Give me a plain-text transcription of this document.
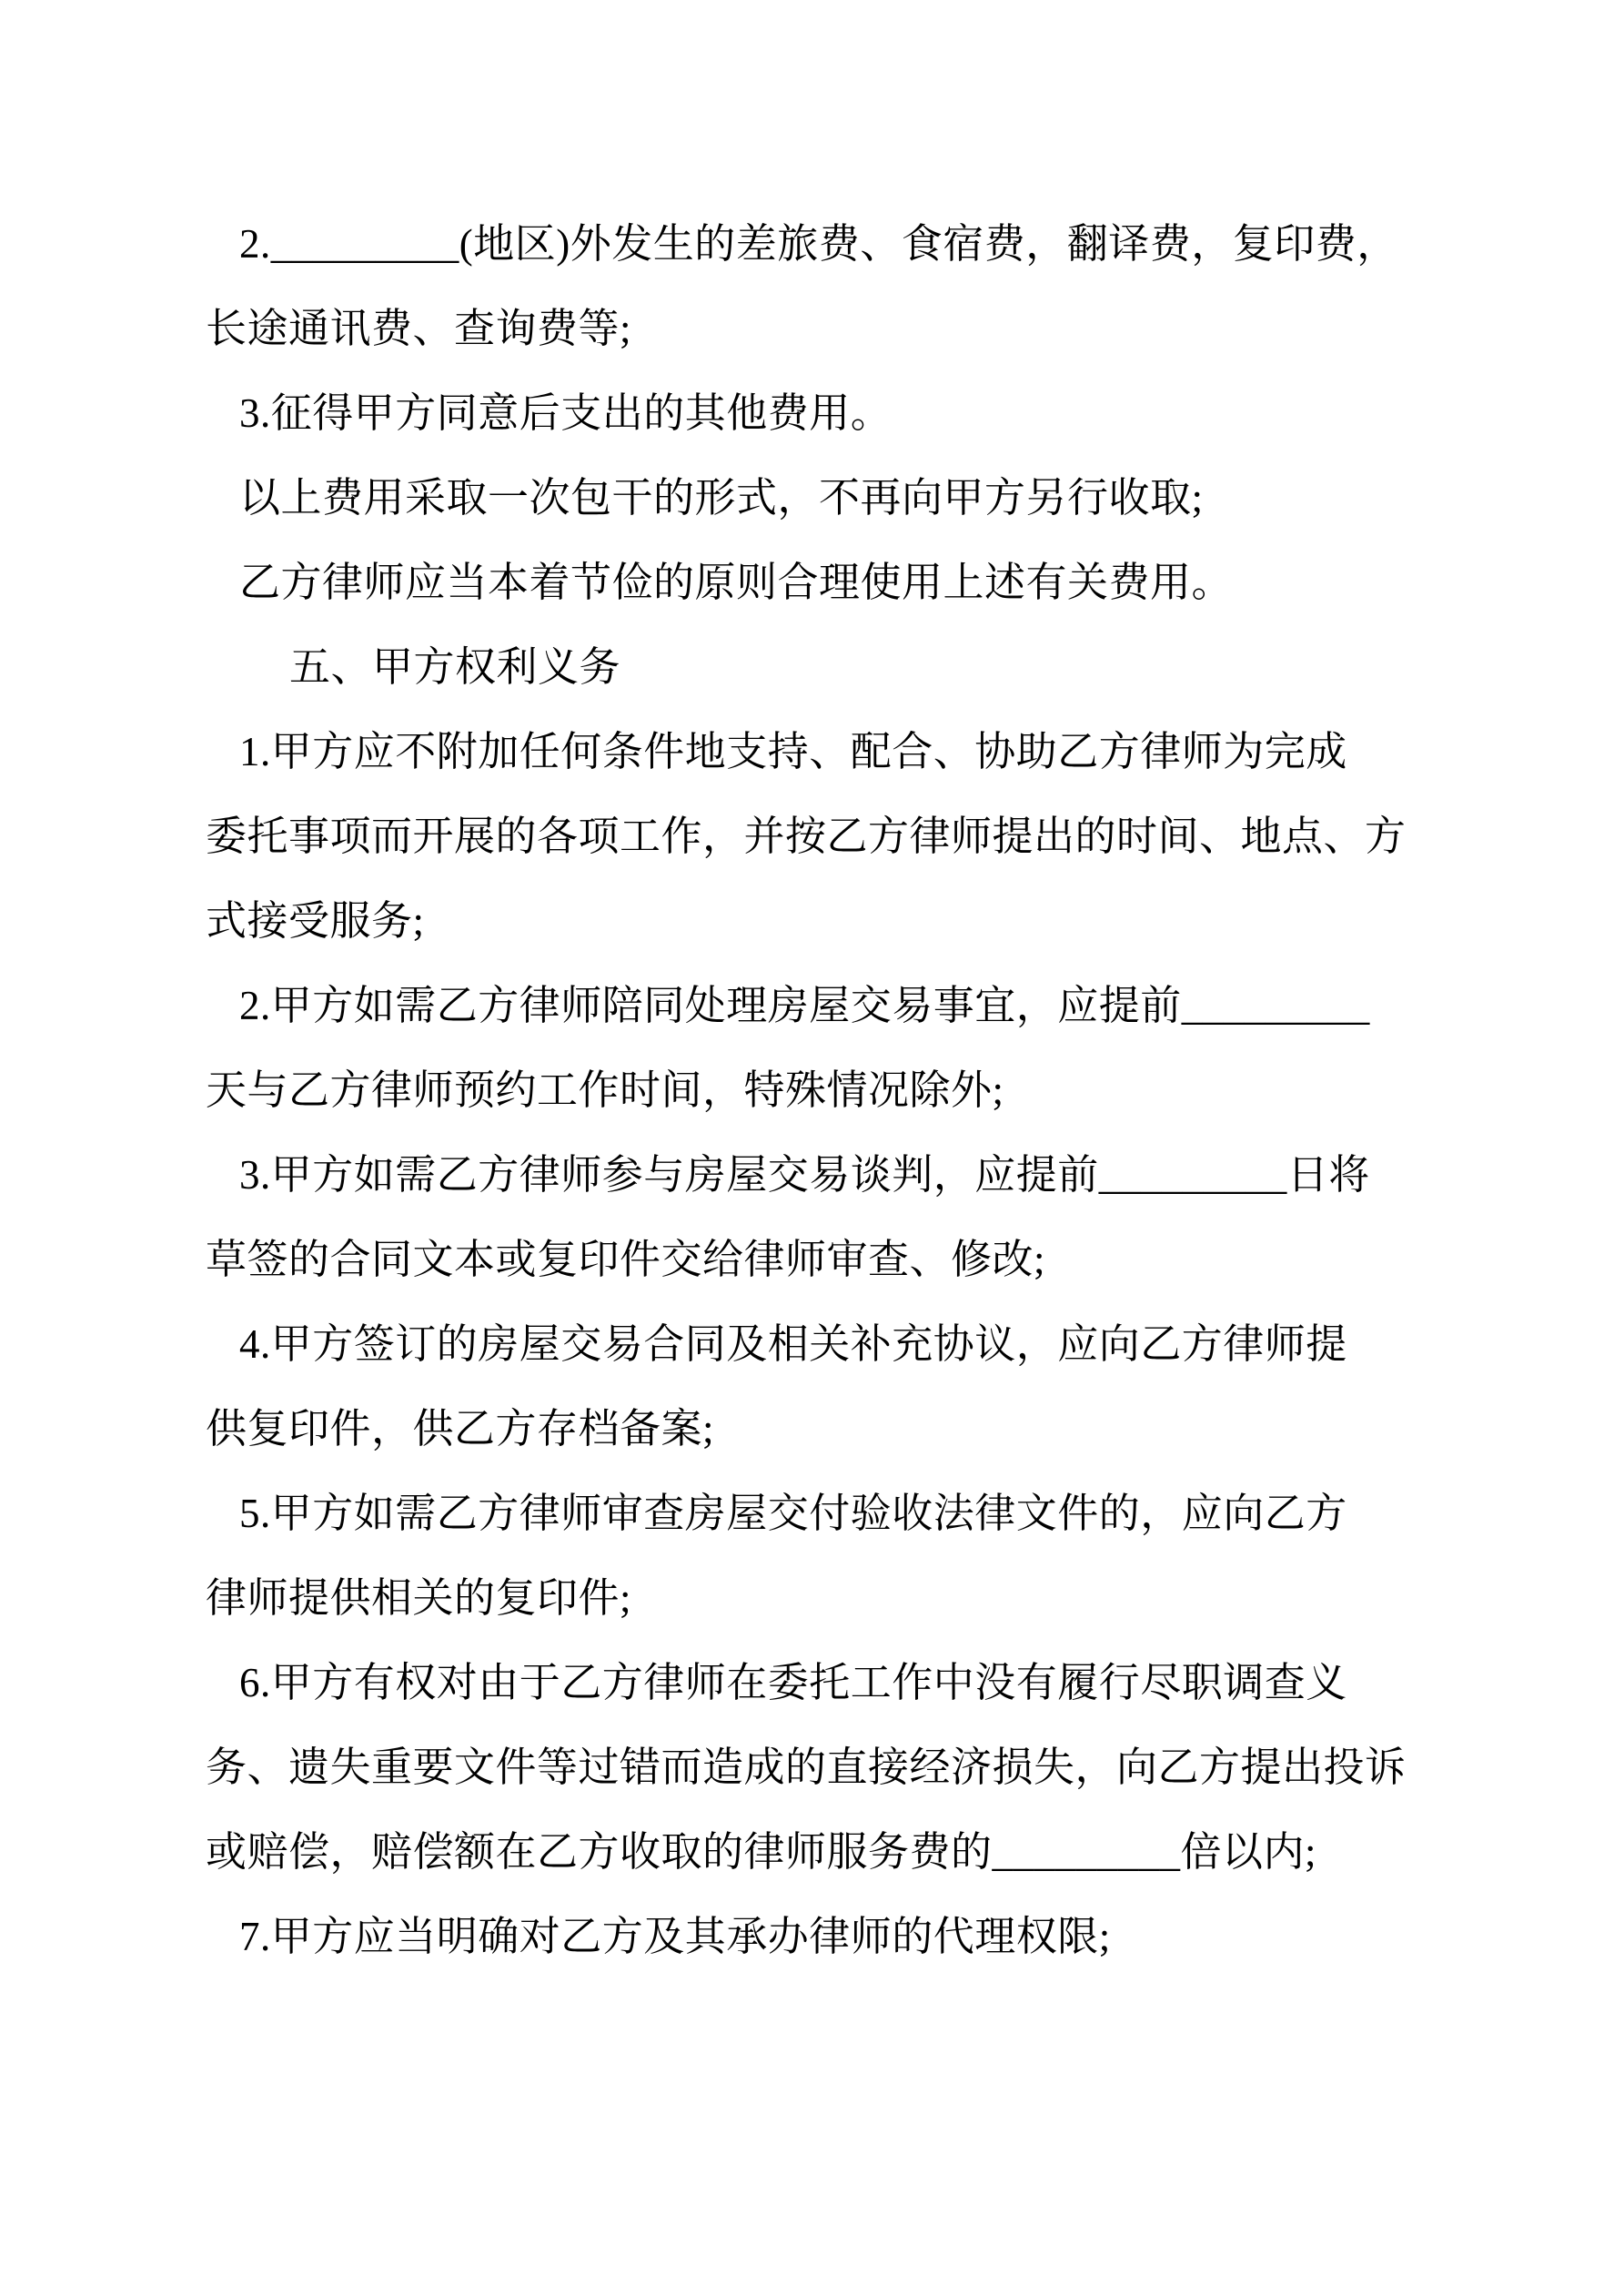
2._________(地区)外发生的差旅费、食宿费，翻译费，复印费，
长途通讯费、查询费等;
3.征得甲方同意后支出的其他费用。
以上费用采取一次包干的形式，不再向甲方另行收取;
乙方律师应当本着节俭的原则合理使用上述有关费用。
五、甲方权利义务
1.甲方应不附加任何条件地支持、配合、协助乙方律师为完成
委托事项而开展的各项工作，并按乙方律师提出的时间、地点、方
式接受服务;
2.甲方如需乙方律师陪同处理房屋交易事宜，应提前_________
天与乙方律师预约工作时间，特殊情况除外;
3.甲方如需乙方律师参与房屋交易谈判，应提前_________日将
草签的合同文本或复印件交给律师审查、修改;
4.甲方签订的房屋交易合同及相关补充协议，应向乙方律师提
供复印件，供乙方存档备案;
5.甲方如需乙方律师审查房屋交付验收法律文件的，应向乙方
律师提供相关的复印件;
6.甲方有权对由于乙方律师在委托工作中没有履行尽职调查义
务、遗失重要文件等过错而造成的直接经济损失，向乙方提出投诉
或赔偿，赔偿额在乙方收取的律师服务费的_________倍以内;
7.甲方应当明确对乙方及其承办律师的代理权限;
